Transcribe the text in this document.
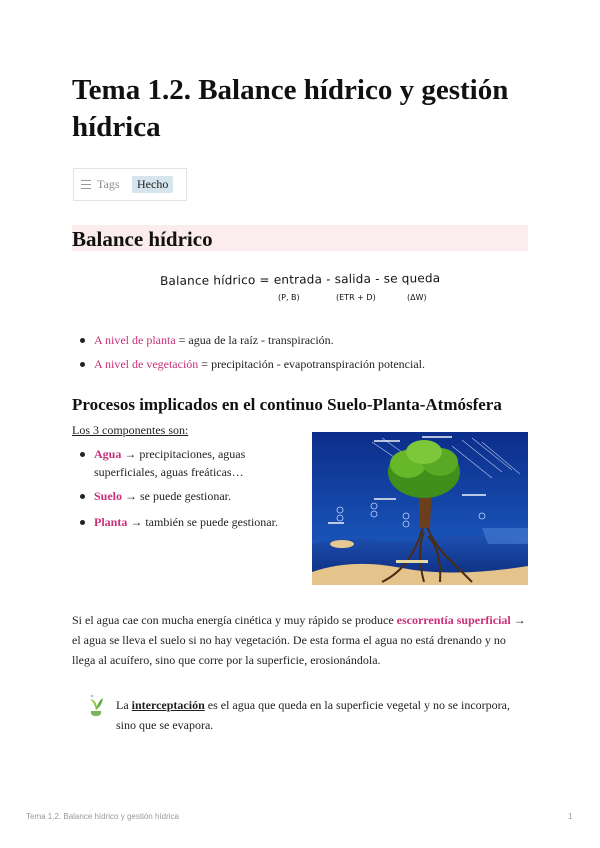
Tema 1.2. Balance hídrico y gestión hídrica
Tags	Hecho
Balance hídrico
Balance hídrico = entrada - salida - se queda
(P, B)	(ETR + D)	(ΔW)
A nivel de planta = agua de la raíz - transpiración.
A nivel de vegetación = precipitación - evapotranspiración potencial.
Procesos implicados en el continuo Suelo-Planta-Atmósfera
Los 3 componentes son:
Agua → precipitaciones, aguas superficiales, aguas freáticas…
Suelo → se puede gestionar.
Planta → también se puede gestionar.

Si el agua cae con mucha energía cinética y muy rápido se produce escorrentía superficial → el agua se lleva el suelo si no hay vegetación. De esta forma el agua no está drenando y no llega al acuífero, sino que corre por la superficie, erosionándola.

La interceptación es el agua que queda en la superficie vegetal y no se incorpora, sino que se evapora.
Tema 1.2. Balance hídrico y gestión hídrica	1
